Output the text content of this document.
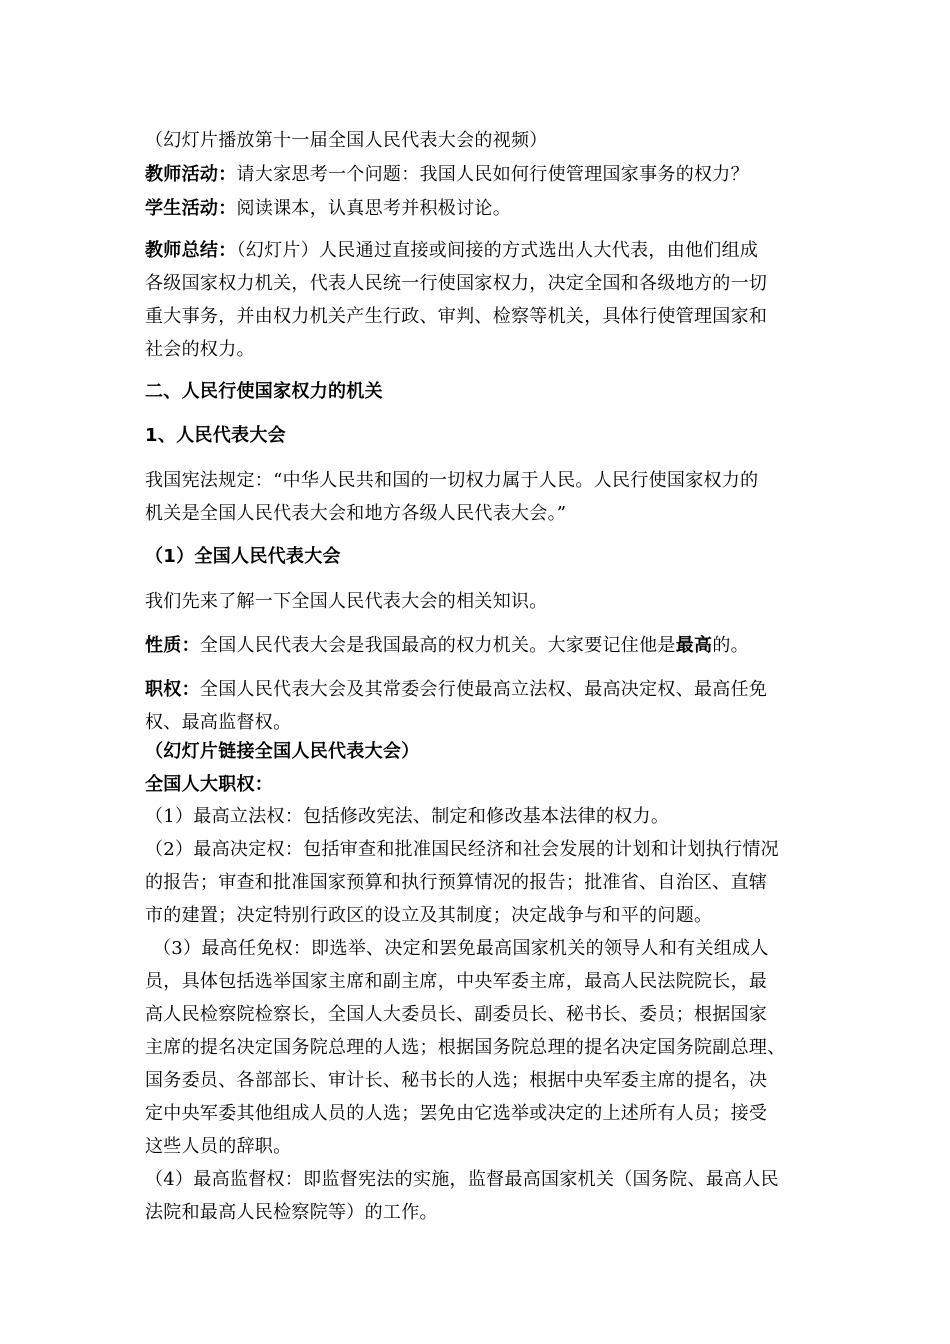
（幻灯片播放第十一届全国人民代表大会的视频）
教师活动：请大家思考一个问题：我国人民如何行使管理国家事务的权力？
学生活动：阅读课本，认真思考并积极讨论。
教师总结：（幻灯片）人民通过直接或间接的方式选出人大代表，由他们组成
各级国家权力机关，代表人民统一行使国家权力，决定全国和各级地方的一切
重大事务，并由权力机关产生行政、审判、检察等机关，具体行使管理国家和
社会的权力。
二、人民行使国家权力的机关
1、人民代表大会
我国宪法规定：“中华人民共和国的一切权力属于人民。人民行使国家权力的
机关是全国人民代表大会和地方各级人民代表大会。”
（1）全国人民代表大会
我们先来了解一下全国人民代表大会的相关知识。
性质：全国人民代表大会是我国最高的权力机关。大家要记住他是最高的。
职权：全国人民代表大会及其常委会行使最高立法权、最高决定权、最高任免
权、最高监督权。
（幻灯片链接全国人民代表大会）
全国人大职权：
（1）最高立法权：包括修改宪法、制定和修改基本法律的权力。
（2）最高决定权：包括审查和批准国民经济和社会发展的计划和计划执行情况
的报告；审查和批准国家预算和执行预算情况的报告；批准省、自治区、直辖
市的建置；决定特别行政区的设立及其制度；决定战争与和平的问题。
（3）最高任免权：即选举、决定和罢免最高国家机关的领导人和有关组成人
员，具体包括选举国家主席和副主席，中央军委主席，最高人民法院院长，最
高人民检察院检察长，全国人大委员长、副委员长、秘书长、委员；根据国家
主席的提名决定国务院总理的人选；根据国务院总理的提名决定国务院副总理、
国务委员、各部部长、审计长、秘书长的人选；根据中央军委主席的提名，决
定中央军委其他组成人员的人选；罢免由它选举或决定的上述所有人员；接受
这些人员的辞职。
（4）最高监督权：即监督宪法的实施，监督最高国家机关（国务院、最高人民
法院和最高人民检察院等）的工作。
